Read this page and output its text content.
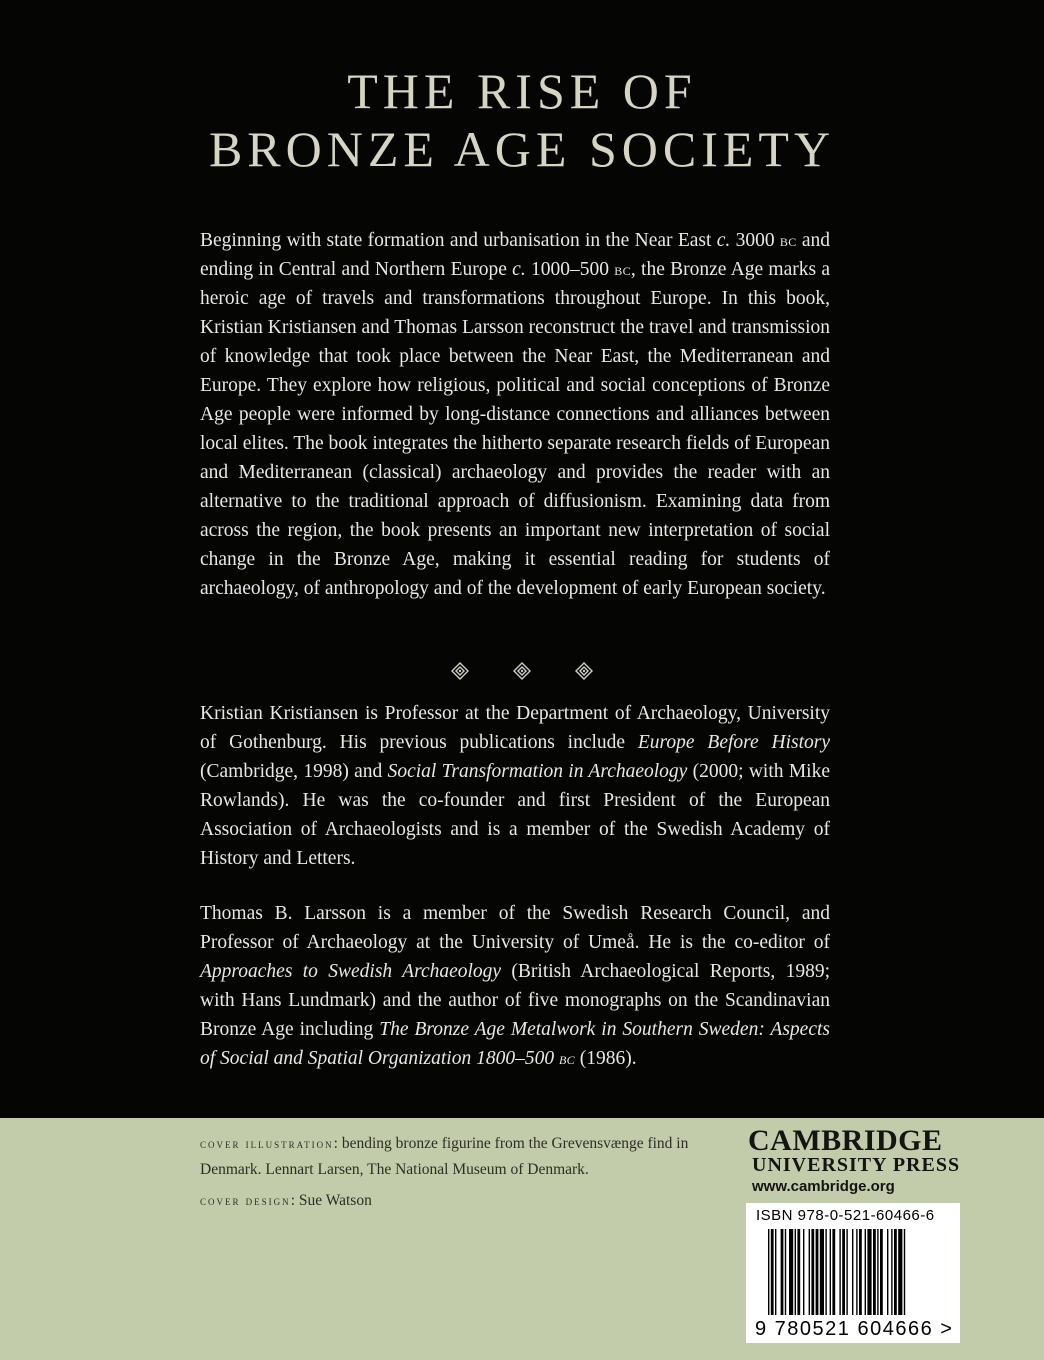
THE RISE OF
BRONZE AGE SOCIETY

Beginning with state formation and urbanisation in the Near East c. 3000 bc and ending in Central and Northern Europe c. 1000–500 bc, the Bronze Age marks a heroic age of travels and transformations throughout Europe. In this book, Kristian Kristiansen and Thomas Larsson reconstruct the travel and transmission of knowledge that took place between the Near East, the Mediterranean and Europe. They explore how religious, political and social conceptions of Bronze Age people were informed by long-distance connections and alliances between local elites. The book integrates the hitherto separate research fields of European and Mediterranean (classical) archaeology and provides the reader with an alternative to the traditional approach of diffusionism. Examining data from across the region, the book presents an important new interpretation of social change in the Bronze Age, making it essential reading for students of archaeology, of anthropology and of the development of early European society.

Kristian Kristiansen is Professor at the Department of Archaeology, University of Gothenburg. His previous publications include Europe Before History (Cambridge, 1998) and Social Transformation in Archaeology (2000; with Mike Rowlands). He was the co-founder and first President of the European Association of Archaeologists and is a member of the Swedish Academy of History and Letters.

Thomas B. Larsson is a member of the Swedish Research Council, and Professor of Archaeology at the University of Umeå. He is the co-editor of Approaches to Swedish Archaeology (British Archaeological Reports, 1989; with Hans Lundmark) and the author of five monographs on the Scandinavian Bronze Age including The Bronze Age Metalwork in Southern Sweden: Aspects of Social and Spatial Organization 1800–500 bc (1986).

cover illustration: bending bronze figurine from the Grevensvænge find in Denmark. Lennart Larsen, The National Museum of Denmark.

cover design: Sue Watson

CAMBRIDGE
UNIVERSITY PRESS
www.cambridge.org
ISBN 978-0-521-60466-6
9 780521 604666 >
